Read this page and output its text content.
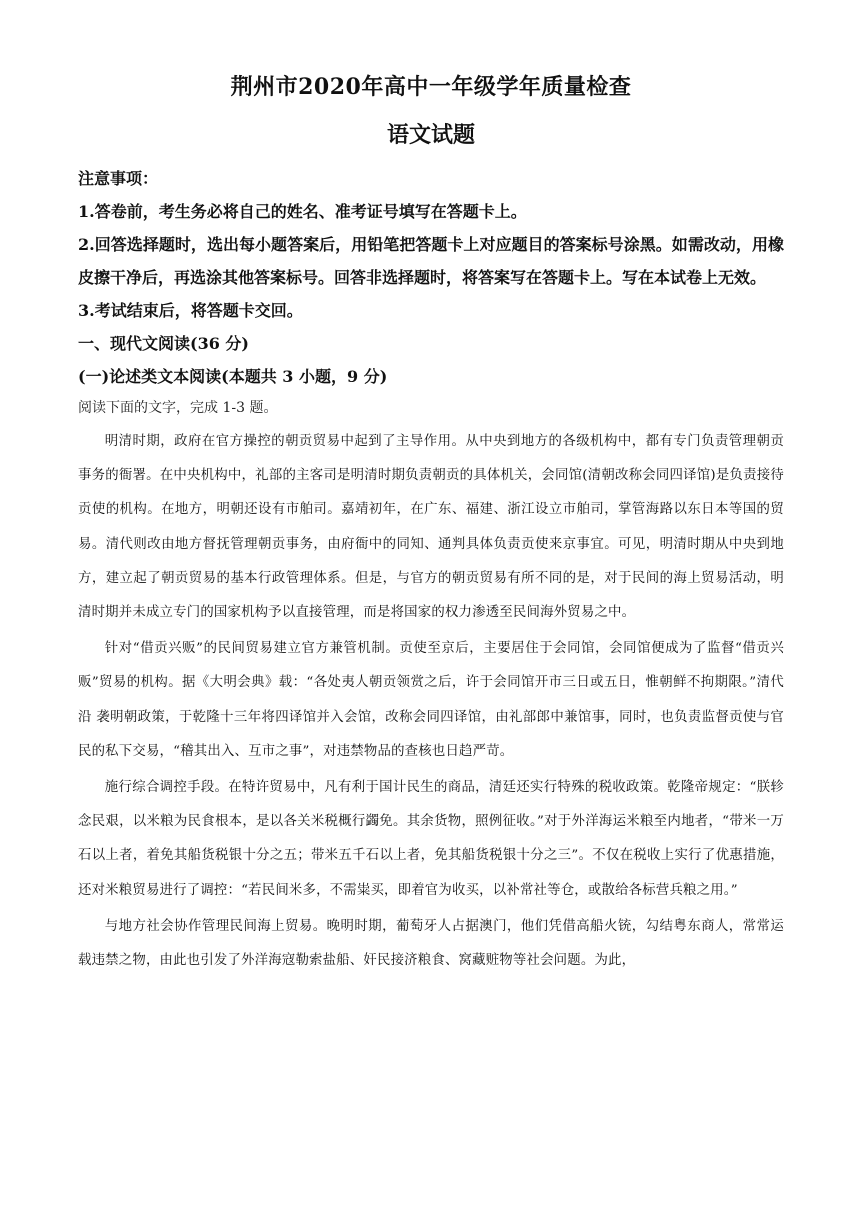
荆州市2020年高中一年级学年质量检查
语文试题

注意事项：

1.答卷前，考生务必将自己的姓名、准考证号填写在答题卡上。

2.回答选择题时，选出每小题答案后，用铅笔把答题卡上对应题目的答案标号涂黑。如需改动，用橡皮擦干净后，再选涂其他答案标号。回答非选择题时，将答案写在答题卡上。写在本试卷上无效。

3.考试结束后，将答题卡交回。

一、现代文阅读(36 分)

(一)论述类文本阅读(本题共 3 小题，9 分)

阅读下面的文字，完成 1-3 题。

明清时期，政府在官方操控的朝贡贸易中起到了主导作用。从中央到地方的各级机构中，都有专门负责管理朝贡事务的衙署。在中央机构中，礼部的主客司是明清时期负责朝贡的具体机关，会同馆(清朝改称会同四译馆)是负责接待贡使的机构。在地方，明朝还设有市舶司。嘉靖初年，在广东、福建、浙江设立市舶司，掌管海路以东日本等国的贸易。清代则改由地方督抚管理朝贡事务，由府衙中的同知、通判具体负责贡使来京事宜。可见，明清时期从中央到地方，建立起了朝贡贸易的基本行政管理体系。但是，与官方的朝贡贸易有所不同的是，对于民间的海上贸易活动，明清时期并未成立专门的国家机构予以直接管理，而是将国家的权力渗透至民间海外贸易之中。

针对“借贡兴贩”的民间贸易建立官方兼管机制。贡使至京后，主要居住于会同馆，会同馆便成为了监督“借贡兴贩”贸易的机构。据《大明会典》载：“各处夷人朝贡领赏之后，许于会同馆开市三日或五日，惟朝鲜不拘期限。”清代沿 袭明朝政策，于乾隆十三年将四译馆并入会馆，改称会同四译馆，由礼部郎中兼馆事，同时，也负责监督贡使与官民的私下交易，“稽其出入、互市之事”，对违禁物品的查核也日趋严苛。

施行综合调控手段。在特许贸易中，凡有利于国计民生的商品，清廷还实行特殊的税收政策。乾隆帝规定：“朕轸念民艰，以米粮为民食根本，是以各关米税概行蠲免。其余货物，照例征收。”对于外洋海运米粮至内地者，“带米一万石以上者，着免其船货税银十分之五；带米五千石以上者，免其船货税银十分之三”。不仅在税收上实行了优惠措施，还对米粮贸易进行了调控：“若民间米多，不需粜买，即着官为收买，以补常社等仓，或散给各标营兵粮之用。”

与地方社会协作管理民间海上贸易。晚明时期，葡萄牙人占据澳门，他们凭借高船火铳，勾结粤东商人，常常运载违禁之物，由此也引发了外洋海寇勒索盐船、奸民接济粮食、窝藏赃物等社会问题。为此，
